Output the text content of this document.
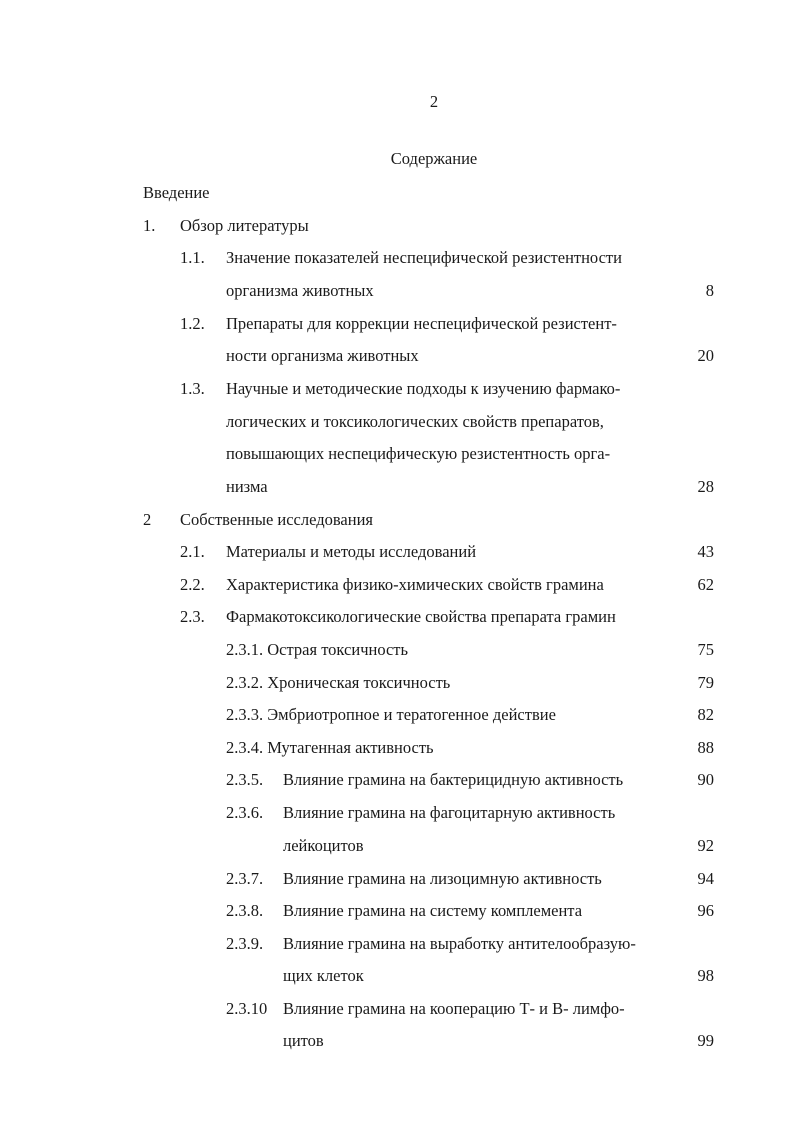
2
Содержание
Введение
1. Обзор литературы
1.1. Значение показателей неспецифической резистентности
организма животных	8
1.2. Препараты для коррекции неспецифической резистент-
ности организма животных	20
1.3. Научные и методические подходы к изучению фармако-
логических и токсикологических свойств препаратов,
повышающих неспецифическую резистентность орга-
низма	28
2 Собственные исследования
2.1. Материалы и методы исследований	43
2.2. Характеристика физико-химических свойств грамина	62
2.3. Фармакотоксикологические свойства препарата грамин
2.3.1. Острая токсичность	75
2.3.2. Хроническая токсичность	79
2.3.3. Эмбриотропное и тератогенное действие	82
2.3.4. Мутагенная активность	88
2.3.5. Влияние грамина на бактерицидную активность	90
2.3.6. Влияние грамина на фагоцитарную активность
лейкоцитов	92
2.3.7. Влияние грамина на лизоцимную активность	94
2.3.8. Влияние грамина на систему комплемента	96
2.3.9. Влияние грамина на выработку антителообразую-
щих клеток	98
2.3.10 Влияние грамина на кооперацию Т- и В- лимфо-
цитов	99
